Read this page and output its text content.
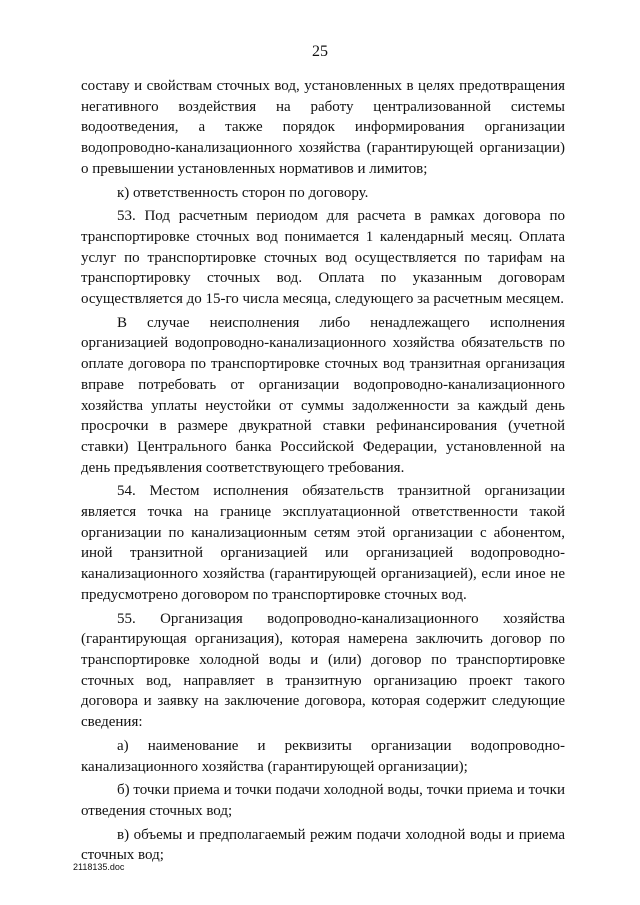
25

составу и свойствам сточных вод, установленных в целях предотвращения негативного воздействия на работу централизованной системы водоотведения, а также порядок информирования организации водопроводно-канализационного хозяйства (гарантирующей организации) о превышении установленных нормативов и лимитов;

к) ответственность сторон по договору.

53. Под расчетным периодом для расчета в рамках договора по транспортировке сточных вод понимается 1 календарный месяц. Оплата услуг по транспортировке сточных вод осуществляется по тарифам на транспортировку сточных вод. Оплата по указанным договорам осуществляется до 15-го числа месяца, следующего за расчетным месяцем.

В случае неисполнения либо ненадлежащего исполнения организацией водопроводно-канализационного хозяйства обязательств по оплате договора по транспортировке сточных вод транзитная организация вправе потребовать от организации водопроводно-канализационного хозяйства уплаты неустойки от суммы задолженности за каждый день просрочки в размере двукратной ставки рефинансирования (учетной ставки) Центрального банка Российской Федерации, установленной на день предъявления соответствующего требования.

54. Местом исполнения обязательств транзитной организации является точка на границе эксплуатационной ответственности такой организации по канализационным сетям этой организации с абонентом, иной транзитной организацией или организацией водопроводно-канализационного хозяйства (гарантирующей организацией), если иное не предусмотрено договором по транспортировке сточных вод.

55. Организация водопроводно-канализационного хозяйства (гарантирующая организация), которая намерена заключить договор по транспортировке холодной воды и (или) договор по транспортировке сточных вод, направляет в транзитную организацию проект такого договора и заявку на заключение договора, которая содержит следующие сведения:

а) наименование и реквизиты организации водопроводно-канализационного хозяйства (гарантирующей организации);

б) точки приема и точки подачи холодной воды, точки приема и точки отведения сточных вод;

в) объемы и предполагаемый режим подачи холодной воды и приема сточных вод;

2118135.doc
